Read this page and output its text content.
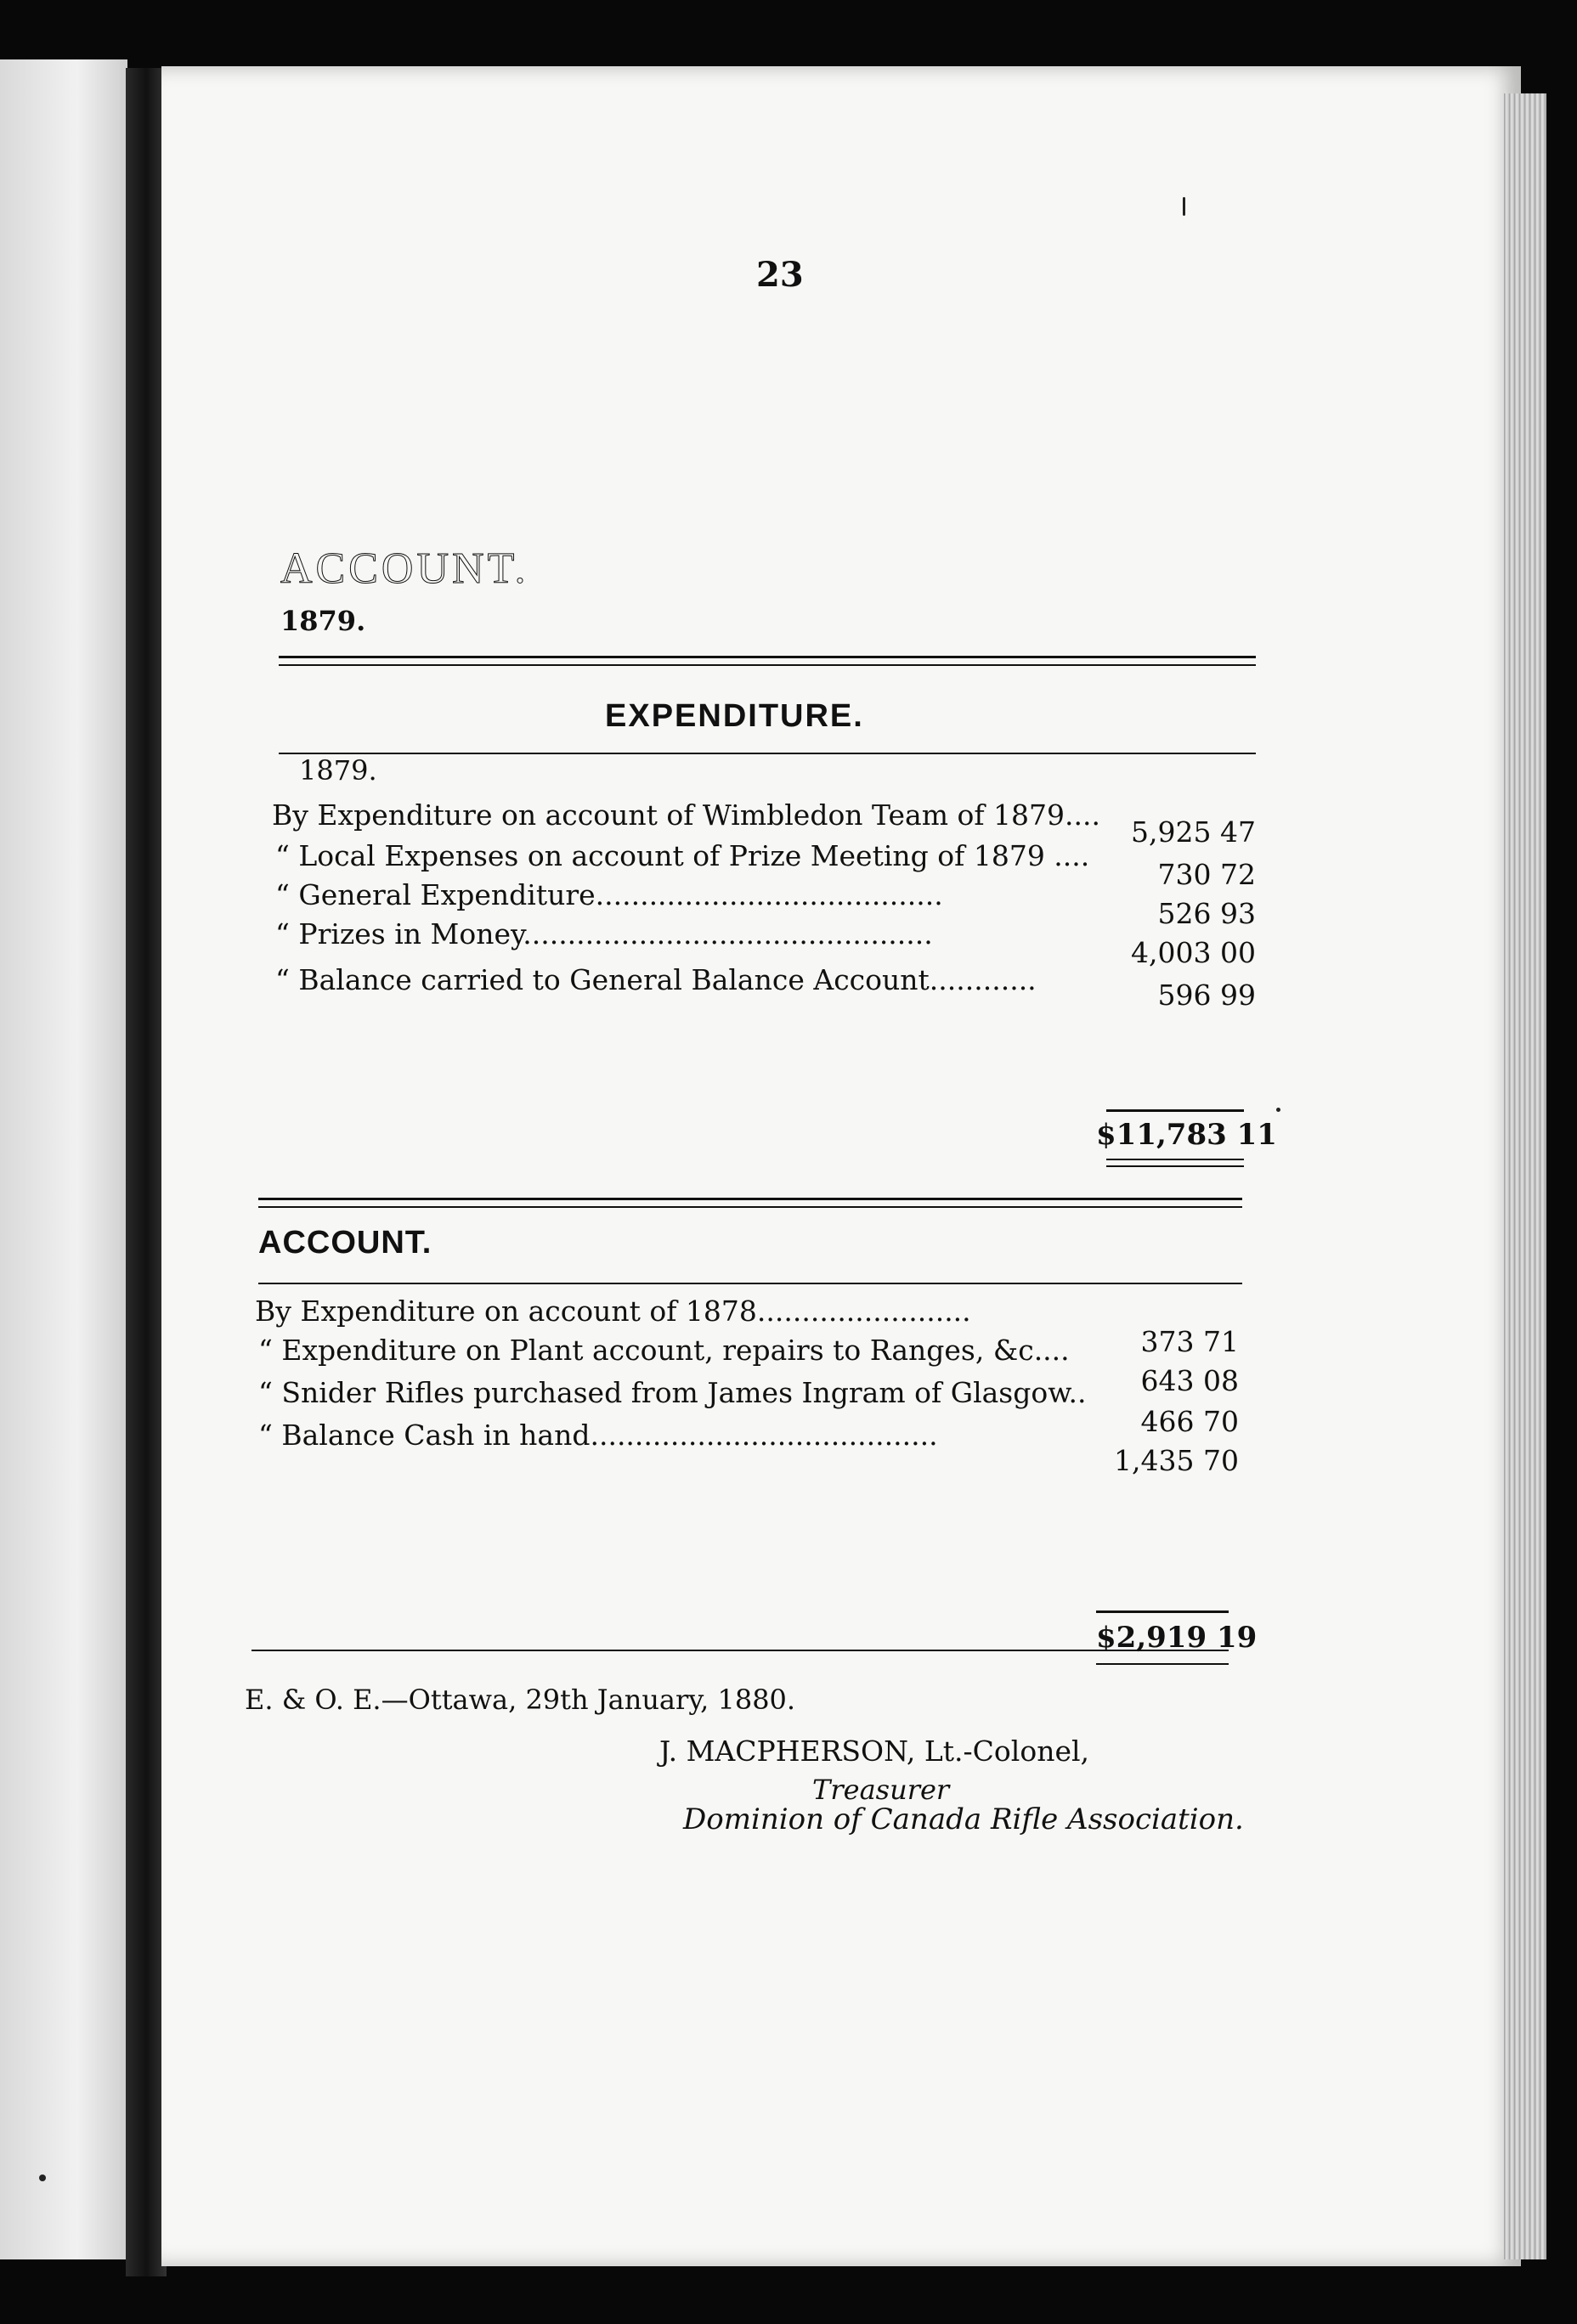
23
ACCOUNT.
1879.
EXPENDITURE.
1879.
By Expenditure on account of Wimbledon Team of 1879....
5,925 47
“ Local Expenses on account of Prize Meeting of 1879 ....
730 72
“ General Expenditure.......................................
526 93
“ Prizes in Money..............................................
4,003 00
“ Balance carried to General Balance Account............	596 99
$11,783 11
ACCOUNT.
By Expenditure on account of 1878........................
373 71
“ Expenditure on Plant account, repairs to Ranges, &c....
643 08
“ Snider Rifles purchased from James Ingram of Glasgow..
466 70
“ Balance Cash in hand.......................................
1,435 70
$2,919 19
E. & O. E.—Ottawa, 29th January, 1880.
J. MACPHERSON, Lt.-Colonel,
Treasurer
Dominion of Canada Rifle Association.
